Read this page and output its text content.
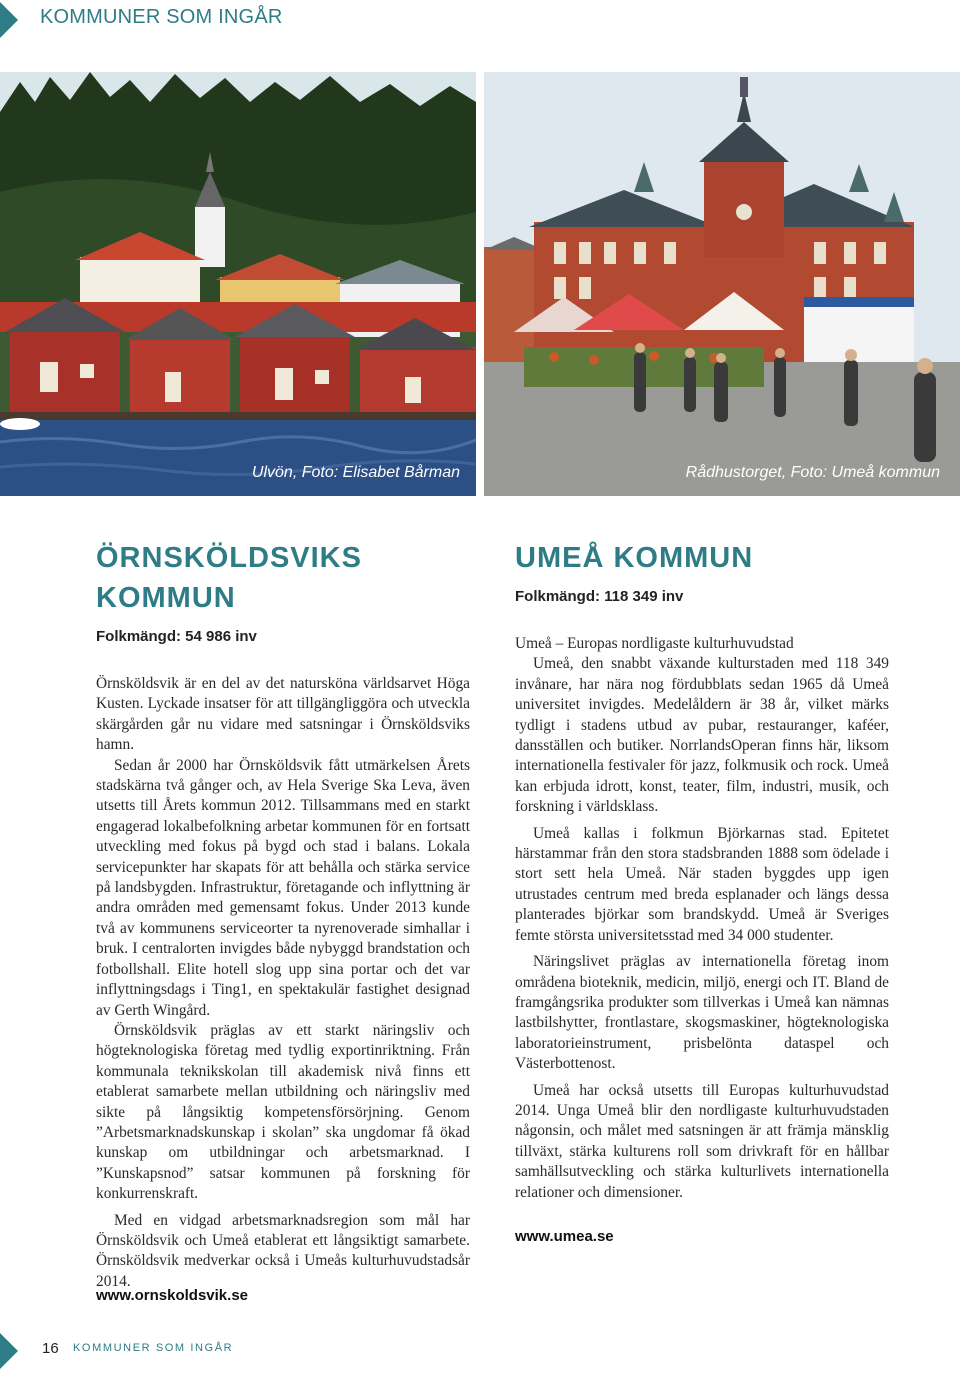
KOMMUNER SOM INGÅR
Ulvön, Foto: Elisabet Bårman	Rådhustorget, Foto: Umeå kommun
ÖRNSKÖLDSVIKS KOMMUN

Folkmängd: 54 986 inv

Örnsköldsvik är en del av det natursköna världsarvet Höga Kusten. Lyckade insatser för att tillgängliggöra och utveckla skärgården går nu vidare med satsningar i Örnsköldsviks hamn.

Sedan år 2000 har Örnsköldsvik fått utmärkelsen Årets stadskärna två gånger och, av Hela Sverige Ska Leva, även utsetts till Årets kommun 2012. Tillsammans med en starkt engagerad lokalbefolkning arbetar kommunen för en fortsatt utveckling med fokus på bygd och stad i balans. Lokala servicepunkter har skapats för att behålla och stärka service på landsbygden. Infrastruktur, företagande och inflyttning är andra områden med gemensamt fokus. Under 2013 kunde två av kommunens serviceorter ta nyrenoverade simhallar i bruk. I centralorten invigdes både nybyggd brandstation och fotbollshall. Elite hotell slog upp sina portar och det var inflyttningsdags i Ting1, en spektakulär fastighet designad av Gerth Wingård.

Örnsköldsvik präglas av ett starkt näringsliv och högteknologiska företag med tydlig exportinriktning. Från kommunala teknikskolan till akademisk nivå finns ett etablerat samarbete mellan utbildning och näringsliv med sikte på långsiktig kompetensförsörjning. Genom ”Arbetsmarknadskunskap i skolan” ska ungdomar få ökad kunskap om utbildningar och arbetsmarknad. I ”Kunskapsnod” satsar kommunen på forskning för konkurrenskraft.

Med en vidgad arbetsmarknadsregion som mål har Örnsköldsvik och Umeå etablerat ett långsiktigt samarbete. Örnsköldsvik medverkar också i Umeås kulturhuvudstadsår 2014.

www.ornskoldsvik.se

UMEÅ KOMMUN

Folkmängd: 118 349 inv

Umeå – Europas nordligaste kulturhuvudstad

Umeå, den snabbt växande kulturstaden med 118 349 invånare, har nära nog fördubblats sedan 1965 då Umeå universitet invigdes. Medelåldern är 38 år, vilket märks tydligt i stadens utbud av pubar, restauranger, kaféer, dansställen och butiker. NorrlandsOperan finns här, liksom internationella festivaler för jazz, folkmusik och rock. Umeå kan erbjuda idrott, konst, teater, film, industri, musik, och forskning i världsklass.

Umeå kallas i folkmun Björkarnas stad. Epitetet härstammar från den stora stadsbranden 1888 som ödelade i stort sett hela Umeå. När staden byggdes upp igen utrustades centrum med breda esplanader och längs dessa planterades björkar som brandskydd. Umeå är Sveriges femte största universitetsstad med 34 000 studenter.

Näringslivet präglas av internationella företag inom områdena bioteknik, medicin, miljö, energi och IT. Bland de framgångsrika produkter som tillverkas i Umeå kan nämnas lastbilshytter, frontlastare, skogsmaskiner, högteknologiska laboratorieinstrument, prisbelönta dataspel och Västerbottenost.

Umeå har också utsetts till Europas kulturhuvudstad 2014. Unga Umeå blir den nordligaste kulturhuvudstaden någonsin, och målet med satsningen är att främja mänsklig tillväxt, stärka kulturens roll som drivkraft för en hållbar samhällsutveckling och stärka kulturlivets internationella relationer och dimensioner.

www.umea.se

16 KOMMUNER SOM INGÅR
